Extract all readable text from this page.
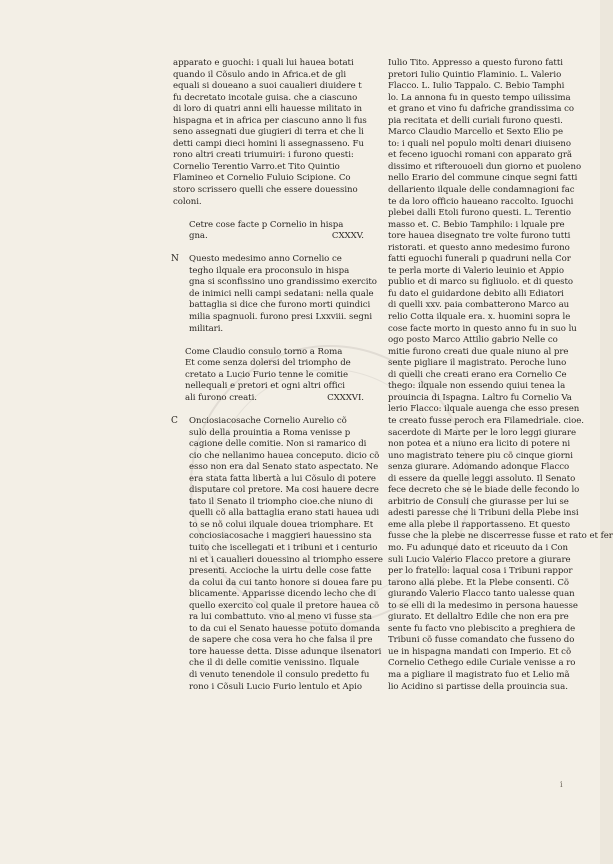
apparato e guochi: i quali lui hauea botati
quando il Cõsulo ando in Africa.et de gli
equali si doueano a suoi caualieri diuidere t
fu decretato incotale guisa. che a ciascuno
di loro di quatri anni elli hauesse militato in
hispagna et in africa per ciascuno anno li fus
seno assegnati due giugieri di terra et che li
detti campi dieci homini li assegnasseno. Fu
rono altri creati triumuiri: i furono questi:
Cornelio Terentio Varro.et Tito Quintio
Flamineo et Cornelio Fuluio Scipione. Co
storo scrissero quelli che essere douessino
coloni.
Cetre cose facte p Cornelio in hispa
gna.	CXXXV.
N	Questo medesimo anno Cornelio ce
tegho ilquale era proconsulo in hispa
gna si sconfissino uno grandissimo exercito
de inimici nelli campi sedatani: nella quale
battaglia si dice che furono morti quindici
milia spagnuoli. furono presi Lxxviii. segni
militari.
Come Claudio consulo torno a Roma
Et come senza dolersi del triompho de
cretato a Lucio Furio tenne le comitie
nellequali e pretori et ogni altri offici
ali furono creati.	CXXXVI.
C	Onciosiacosache Cornelio Aurelio cõ
sulo della prouintia a Roma venisse p
cagione delle comitie. Non si ramarico di
cio che nellanimo hauea conceputo. dicio cõ
esso non era dal Senato stato aspectato. Ne
era stata fatta libertà a lui Cõsulo di potere
disputare col pretore. Ma cosi hauere decre
tato il Senato il triompho cioe.che niuno di
quelli cõ alla battaglia erano stati hauea udi
to se nõ colui ilquale douea triomphare. Et
conciosiacosache i maggieri hauessino sta
tuito che iscellegati et i tribuni et i centurio
ni et i caualieri douessino al triompho essere
presenti. Accioche la uirtu delle cose fatte
da colui da cui tanto honore si douea fare pu
blicamente. Apparisse dicendo lecho che di
quello exercito col quale il pretore hauea cõ
ra lui combattuto. vno al meno vi fusse sta
to da cui el Senato hauesse potuto domanda
de sapere che cosa vera ho che falsa il pre
tore hauesse detta. Disse adunque ilsenatori
che il di delle comitie venissino. Ilquale
di venuto tenendole il consulo predetto fu
rono i Cõsuli Lucio Furio lentulo et Apio
Iulio Tito. Appresso a questo furono fatti
pretori Iulio Quintio Flaminio. L. Valerio
Flacco. L. Iulio Tappalo. C. Bebio Tamphi
lo. La annona fu in questo tempo uilissima
et grano et vino fu dafriche grandissima co
pia recitata et delli curiali furono questi.
Marco Claudio Marcello et Sexto Elio pe
to: i quali nel populo molti denari diuiseno
et feceno iguochi romani con apparato grã
dissimo et rifterouoeli dun giorno et puoleno
nello Erario del commune cinque segni fatti
dellariento ilquale delle condamnagioni fac
te da loro officio haueano raccolto. Iguochi
plebei dalli Etoli furono questi. L. Terentio
masso et. C. Bebio Tamphilo: i lquale pre
tore hauea disegnato tre volte furono tutti
ristorati. et questo anno medesimo furono
fatti eguochi funerali p quadruni nella Cor
te perla morte di Valerio leuinio et Appio
publio et di marco su figliuolo. et di questo
fu dato el guidardone debito alli Ediatori
di quelli xxv. paia combatterono Marco au
relio Cotta ilquale era. x. huomini sopra le
cose facte morto in questo anno fu in suo lu
ogo posto Marco Attilio gabrio Nelle co
mitie furono creati due quale niuno al pre
sente pigliare il magistrato. Peroche luno
di quelli che creati erano era Cornelio Ce
thego: ilquale non essendo quiui tenea la
prouincia di Ispagna. Laltro fu Cornelio Va
lerio Flacco: ilquale auenga che esso presen
te creato fusse peroch era Filamedriale. cioe.
sacerdote di Marte per le loro leggi giurare
non potea et a niuno era licito di potere ni
uno magistrato tenere piu cõ cinque giorni
senza giurare. Adomando adonque Flacco
di essere da quelle leggi assoluto. Il Senato
fece decreto che se le biade delle fecondo lo
arbitrio de Consuli che giurasse per lui se
adesti paresse che li Tribuni della Plebe insi
eme alla plebe il rapportasseno. Et questo
fusse che la plebe ne discerresse fusse et rato et fer
mo. Fu adunque dato et riceuuto da i Con
suli Lucio Valerio Flacco pretore a giurare
per lo fratello: laqual cosa i Tribuni rappor
tarono alla plebe. Et la Plebe consenti. Cõ
giurando Valerio Flacco tanto ualesse quan
to se elli di la medesimo in persona hauesse
giurato. Et dellaltro Edile che non era pre
sente fu facto vno plebiscito a preghiera de
Tribuni cõ fusse comandato che fusseno do
ue in hispagna mandati con Imperio. Et cõ
Cornelio Cethego edile Curiale venisse a ro
ma a pigliare il magistrato fuo et Lelio mã
lio Acidino si partisse della prouincia sua.
i
